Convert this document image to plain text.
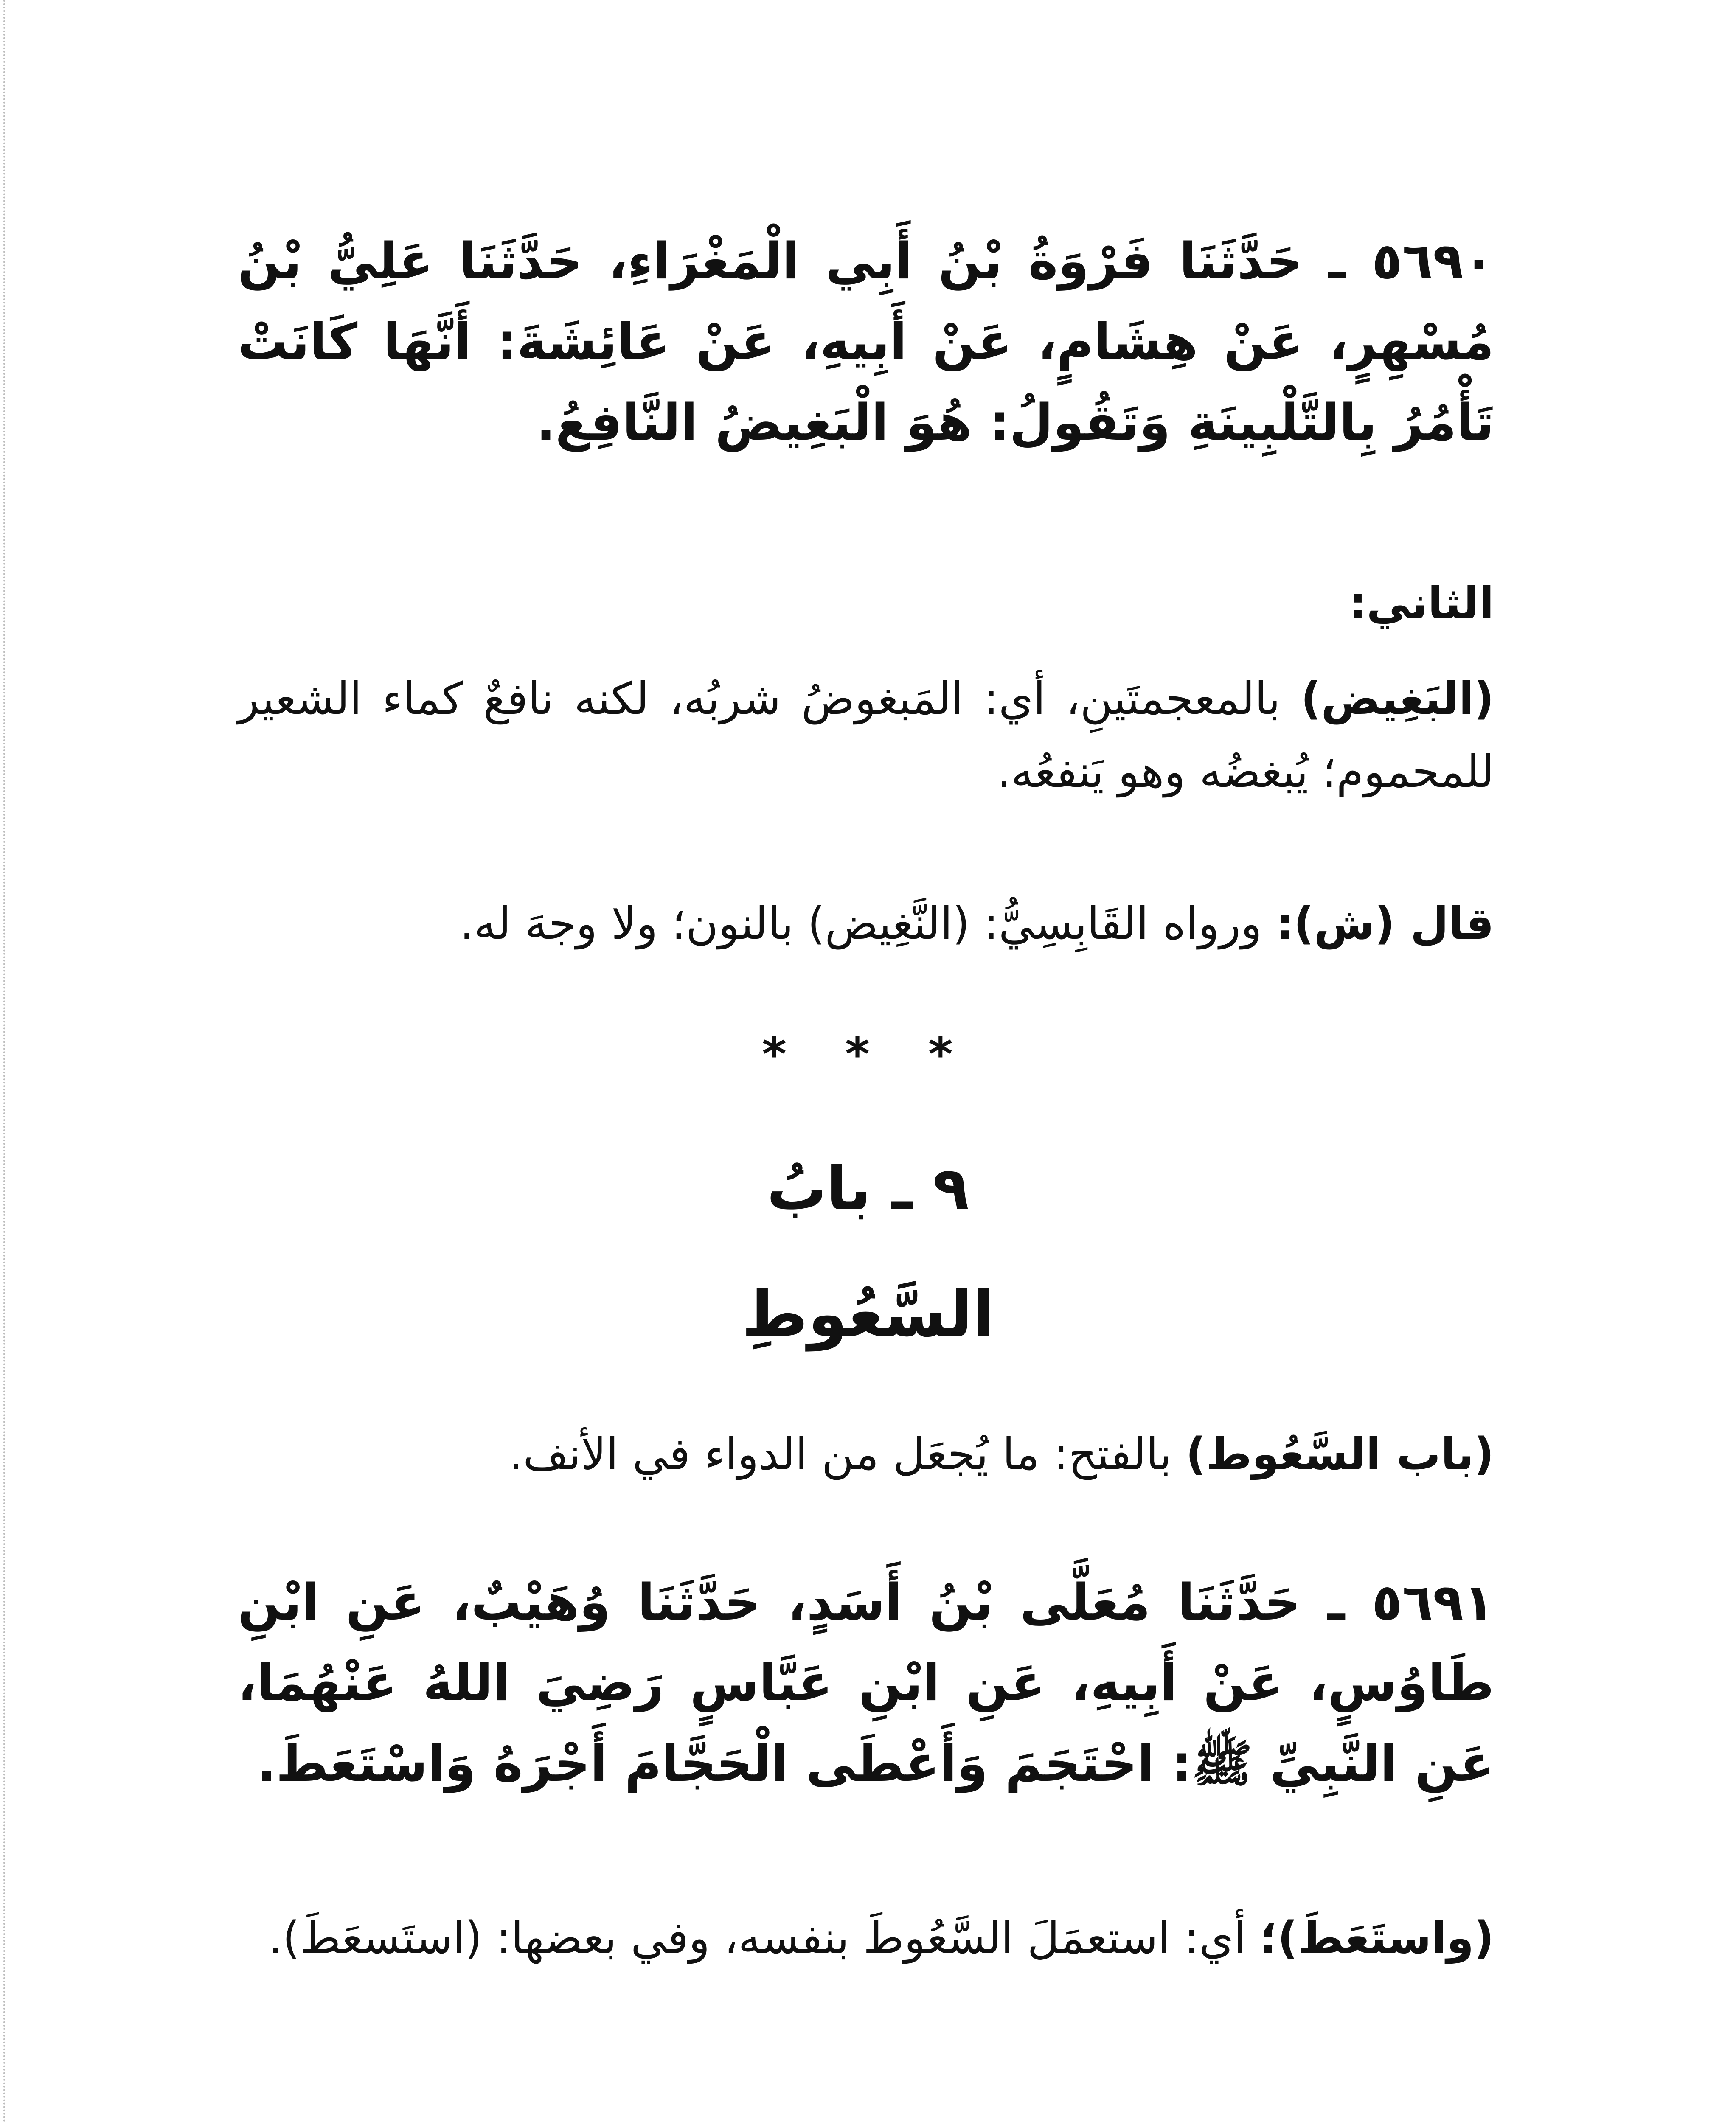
٥٦٩٠ ـ حَدَّثَنَا فَرْوَةُ بْنُ أَبِي الْمَغْرَاءِ، حَدَّثَنَا عَلِيُّ بْنُ مُسْهِرٍ، عَنْ هِشَامٍ، عَنْ أَبِيهِ، عَنْ عَائِشَةَ: أَنَّهَا كَانَتْ تَأْمُرُ بِالتَّلْبِينَةِ وَتَقُولُ: هُوَ الْبَغِيضُ النَّافِعُ.
الثاني:
(البَغِيض) بالمعجمتَينِ، أي: المَبغوضُ شربُه، لكنه نافعٌ كماء الشعير للمحموم؛ يُبغضُه وهو يَنفعُه.
قال (ش): ورواه القَابِسِيُّ: (النَّغِيض) بالنون؛ ولا وجهَ له.
* * *
٩ ـ بابُ
السَّعُوطِ
(باب السَّعُوط) بالفتح: ما يُجعَل من الدواء في الأنف.
٥٦٩١ ـ حَدَّثَنَا مُعَلَّى بْنُ أَسَدٍ، حَدَّثَنَا وُهَيْبٌ، عَنِ ابْنِ طَاوُسٍ، عَنْ أَبِيهِ، عَنِ ابْنِ عَبَّاسٍ رَضِيَ اللهُ عَنْهُمَا، عَنِ النَّبِيِّ ﷺ: احْتَجَمَ وَأَعْطَى الْحَجَّامَ أَجْرَهُ وَاسْتَعَطَ.
(واستَعَطَ)؛ أي: استعمَلَ السَّعُوطَ بنفسه، وفي بعضها: (استَسعَطَ).
